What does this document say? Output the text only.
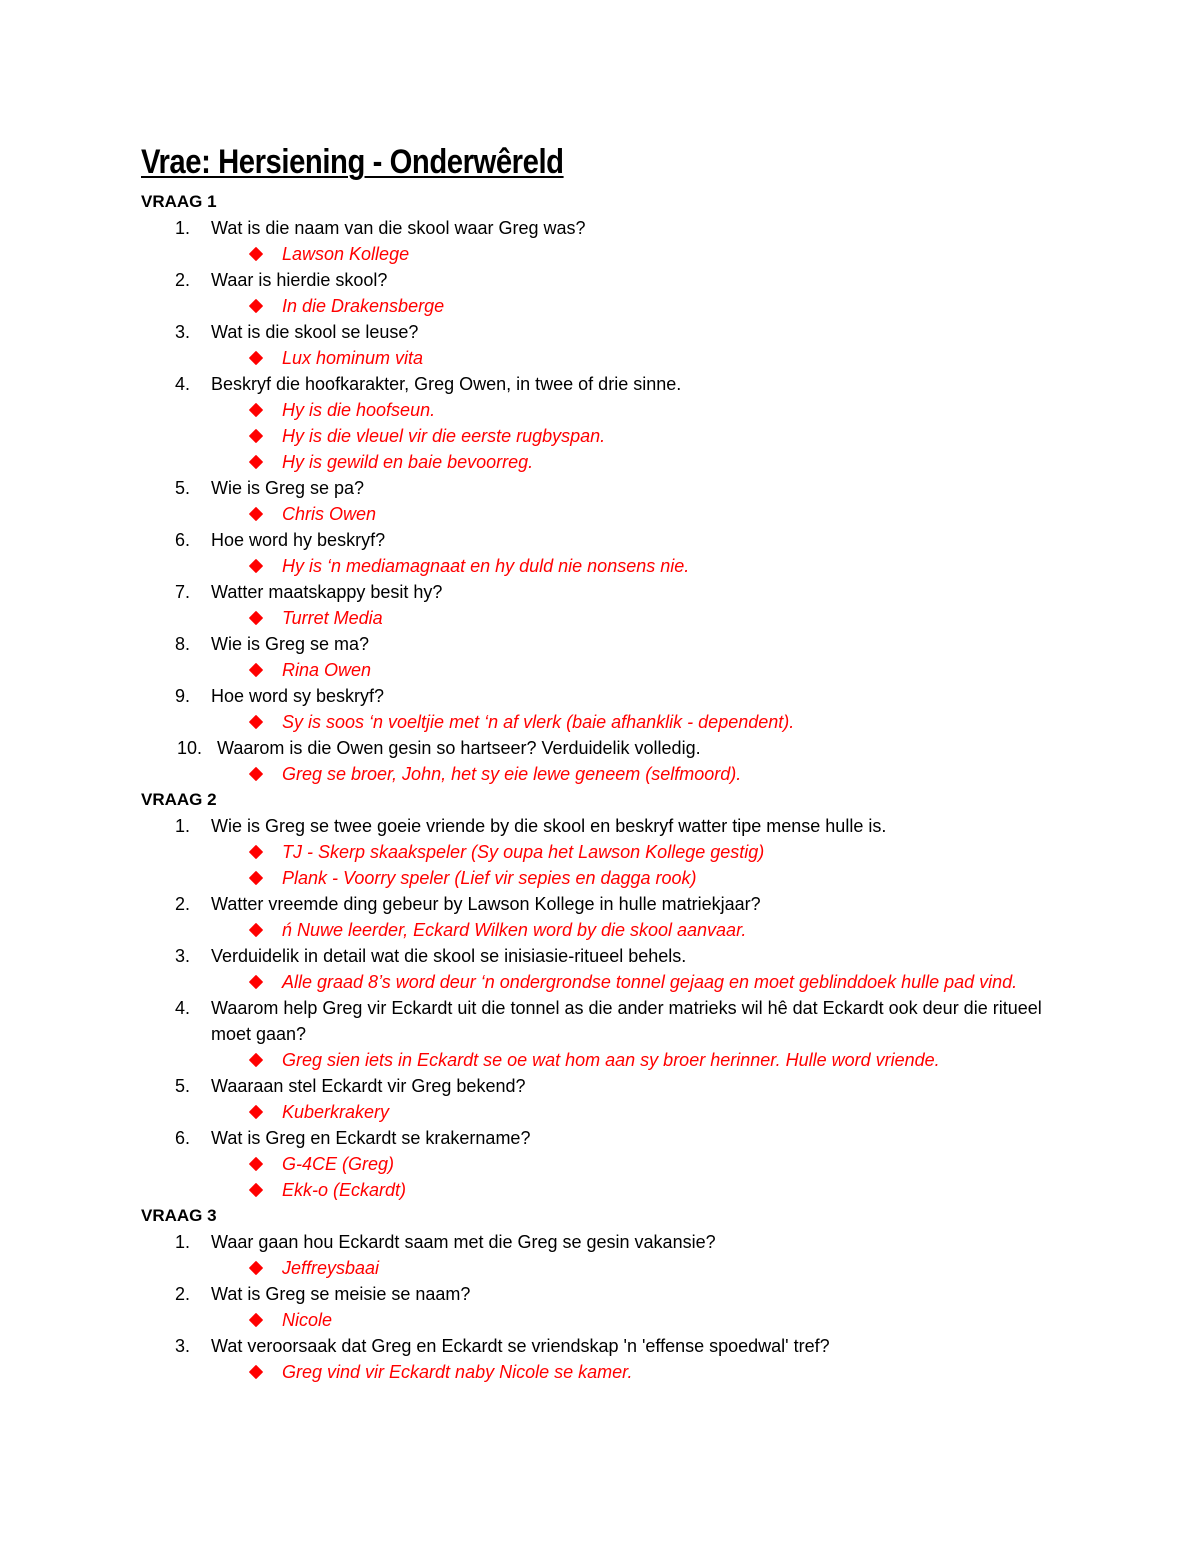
Vrae: Hersiening - Onderwêreld
VRAAG 1
1. Wat is die naam van die skool waar Greg was?
Lawson Kollege
2. Waar is hierdie skool?
In die Drakensberge
3. Wat is die skool se leuse?
Lux hominum vita
4. Beskryf die hoofkarakter, Greg Owen, in twee of drie sinne.
Hy is die hoofseun.
Hy is die vleuel vir die eerste rugbyspan.
Hy is gewild en baie bevoorreg.
5. Wie is Greg se pa?
Chris Owen
6. Hoe word hy beskryf?
Hy is ‘n mediamagnaat en hy duld nie nonsens nie.
7. Watter maatskappy besit hy?
Turret Media
8. Wie is Greg se ma?
Rina Owen
9. Hoe word sy beskryf?
Sy is soos ‘n voeltjie met ‘n af vlerk (baie afhanklik - dependent).
10. Waarom is die Owen gesin so hartseer? Verduidelik volledig.
Greg se broer, John, het sy eie lewe geneem (selfmoord).
VRAAG 2
1. Wie is Greg se twee goeie vriende by die skool en beskryf watter tipe mense hulle is.
TJ - Skerp skaakspeler (Sy oupa het Lawson Kollege gestig)
Plank - Voorry speler (Lief vir sepies en dagga rook)
2. Watter vreemde ding gebeur by Lawson Kollege in hulle matriekjaar?
ń Nuwe leerder, Eckard Wilken word by die skool aanvaar.
3. Verduidelik in detail wat die skool se inisiasie-ritueel behels.
Alle graad 8’s word deur ‘n ondergrondse tonnel gejaag en moet geblinddoek hulle pad vind.
4. Waarom help Greg vir Eckardt uit die tonnel as die ander matrieks wil hê dat Eckardt ook deur die ritueel moet gaan?
Greg sien iets in Eckardt se oe wat hom aan sy broer herinner. Hulle word vriende.
5. Waaraan stel Eckardt vir Greg bekend?
Kuberkrakery
6. Wat is Greg en Eckardt se krakername?
G-4CE (Greg)
Ekk-o (Eckardt)
VRAAG 3
1. Waar gaan hou Eckardt saam met die Greg se gesin vakansie?
Jeffreysbaai
2. Wat is Greg se meisie se naam?
Nicole
3. Wat veroorsaak dat Greg en Eckardt se vriendskap 'n 'effense spoedwal' tref?
Greg vind vir Eckardt naby Nicole se kamer.
